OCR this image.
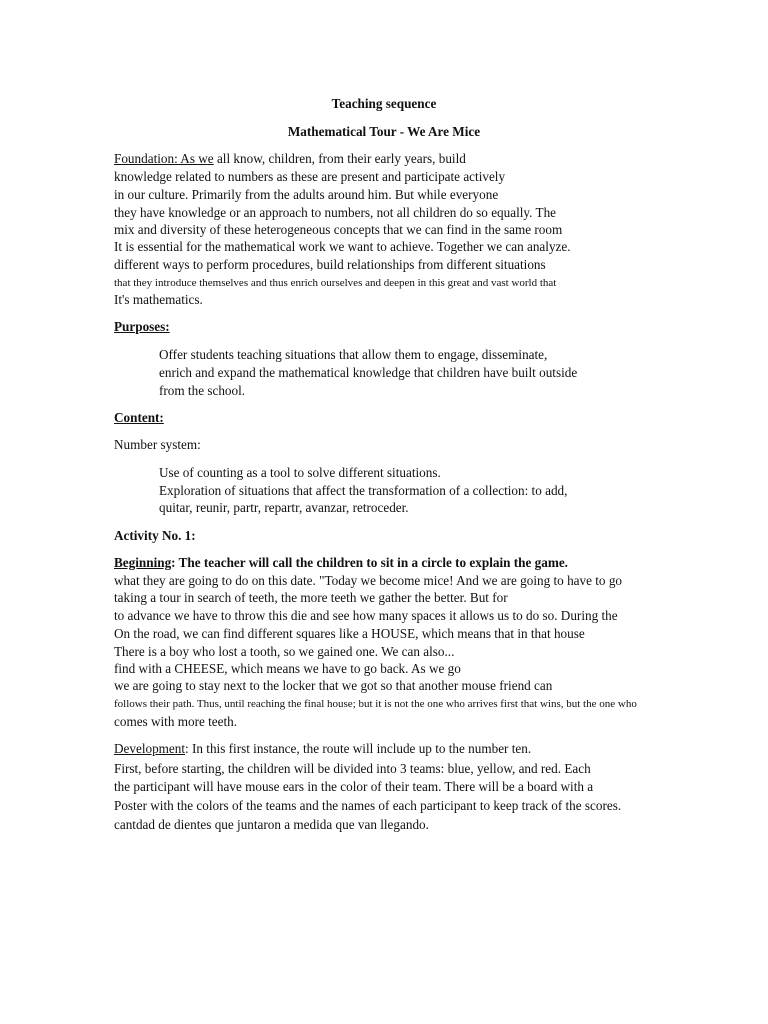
Teaching sequence
Mathematical Tour - We Are Mice
Foundation: As we all know, children, from their early years, build
knowledge related to numbers as these are present and participate actively
in our culture. Primarily from the adults around him. But while everyone
they have knowledge or an approach to numbers, not all children do so equally. The
mix and diversity of these heterogeneous concepts that we can find in the same room
It is essential for the mathematical work we want to achieve. Together we can analyze.
different ways to perform procedures, build relationships from different situations
that they introduce themselves and thus enrich ourselves and deepen in this great and vast world that
It's mathematics.
Purposes:
Offer students teaching situations that allow them to engage, disseminate,
enrich and expand the mathematical knowledge that children have built outside
from the school.
Content:
Number system:
Use of counting as a tool to solve different situations.
Exploration of situations that affect the transformation of a collection: to add,
quitar, reunir, partr, repartr, avanzar, retroceder.
Activity No. 1:
Beginning: The teacher will call the children to sit in a circle to explain the game.
what they are going to do on this date. "Today we become mice! And we are going to have to go
taking a tour in search of teeth, the more teeth we gather the better. But for
to advance we have to throw this die and see how many spaces it allows us to do so. During the
On the road, we can find different squares like a HOUSE, which means that in that house
There is a boy who lost a tooth, so we gained one. We can also...
find with a CHEESE, which means we have to go back. As we go
we are going to stay next to the locker that we got so that another mouse friend can
follows their path. Thus, until reaching the final house; but it is not the one who arrives first that wins, but the one who
comes with more teeth.
Development: In this first instance, the route will include up to the number ten.
First, before starting, the children will be divided into 3 teams: blue, yellow, and red. Each
the participant will have mouse ears in the color of their team. There will be a board with a
Poster with the colors of the teams and the names of each participant to keep track of the scores.
cantdad de dientes que juntaron a medida que van llegando.
